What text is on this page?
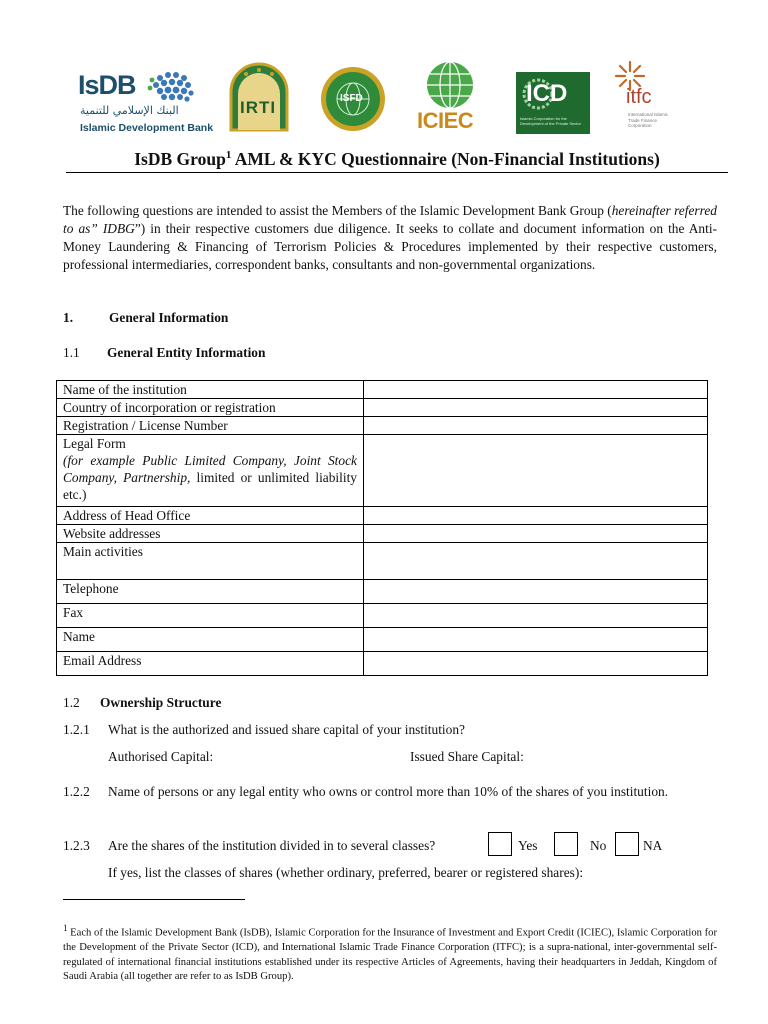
IsDB
البنك الإسلامي للتنمية
Islamic Development Bank
IRTI	ISFD
ICIEC
ICD
Islamic Corporation for the Development of the Private Sector
itfc
International Islamic Trade Finance Corporation
IsDB Group$^1$ AML & KYC Questionnaire (Non-Financial Institutions)
The following questions are intended to assist the Members of the Islamic Development Bank Group (hereinafter referred to as” IDBG”) in their respective customers due diligence. It seeks to collate and document information on the Anti-Money Laundering & Financing of Terrorism Policies & Procedures implemented by their respective customers, professional intermediaries, correspondent banks, consultants and non-governmental organizations.
1.	General Information
1.1 General Entity Information
Name of the institution	
Country of incorporation or registration	
Registration / License Number	
Legal Form
(for example Public Limited Company, Joint Stock Company, Partnership, limited or unlimited liability etc.)	
Address of Head Office	
Website addresses	
Main activities	
Telephone	
Fax	
Name	
Email Address	
1.2 Ownership Structure
1.2.1 What is the authorized and issued share capital of your institution?
Authorised Capital:	Issued Share Capital:
1.2.2 Name of persons or any legal entity who owns or control more than 10% of the shares of you institution.
1.2.3 Are the shares of the institution divided in to several classes?	Yes	No	NA
If yes, list the classes of shares (whether ordinary, preferred, bearer or registered shares):
$^1$ Each of the Islamic Development Bank (IsDB), Islamic Corporation for the Insurance of Investment and Export Credit (ICIEC), Islamic Corporation for the Development of the Private Sector (ICD), and International Islamic Trade Finance Corporation (ITFC); is a supra-national, inter-governmental self-regulated of international financial institutions established under its respective Articles of Agreements, having their headquarters in Jeddah, Kingdom of Saudi Arabia (all together are refer to as IsDB Group).
